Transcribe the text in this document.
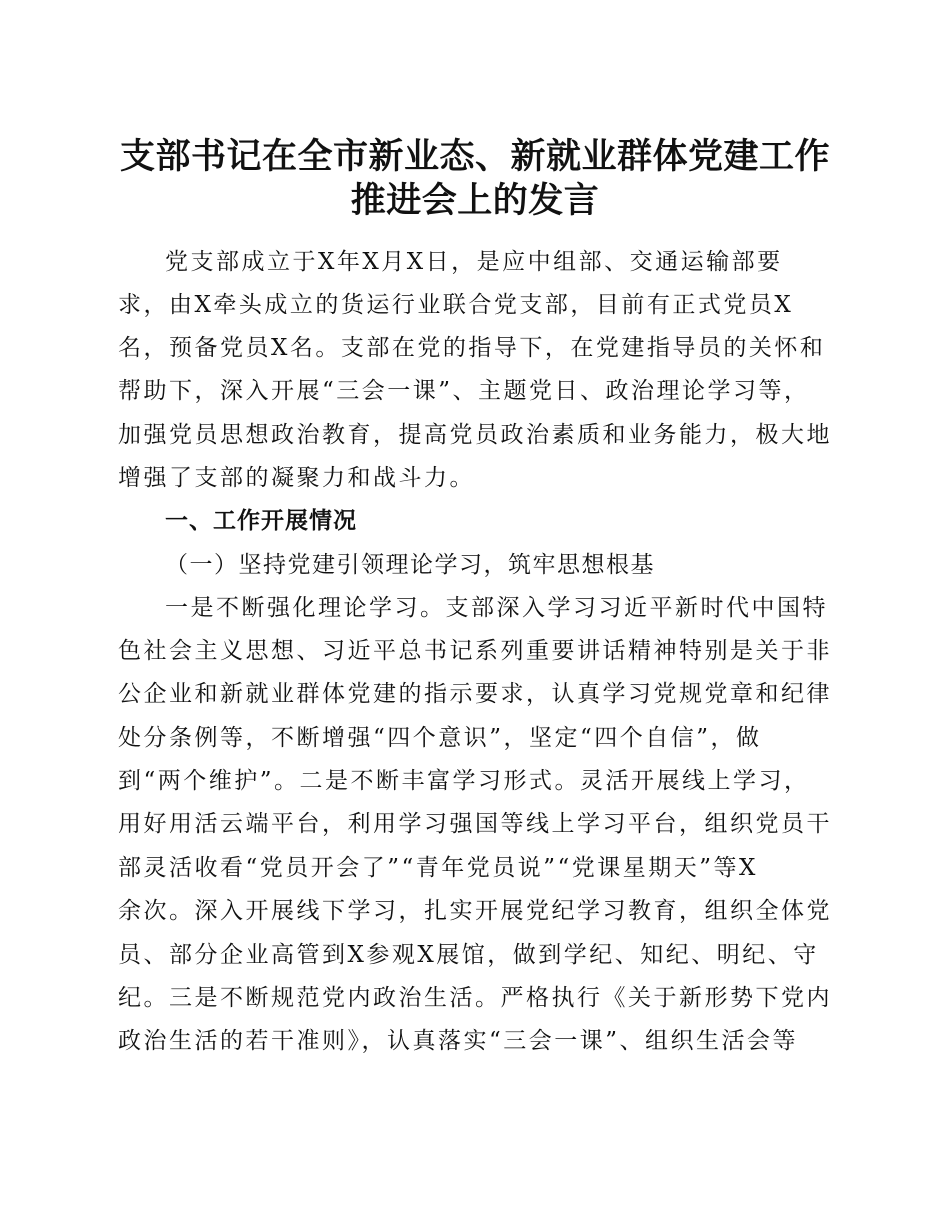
支部书记在全市新业态、新就业群体党建工作
推进会上的发言

党支部成立于X年X月X日，是应中组部、交通运输部要

求，由X牵头成立的货运行业联合党支部，目前有正式党员X

名，预备党员X名。支部在党的指导下，在党建指导员的关怀和

帮助下，深入开展“三会一课”、主题党日、政治理论学习等，

加强党员思想政治教育，提高党员政治素质和业务能力，极大地

增强了支部的凝聚力和战斗力。

一、工作开展情况

（一）坚持党建引领理论学习，筑牢思想根基

一是不断强化理论学习。支部深入学习习近平新时代中国特

色社会主义思想、习近平总书记系列重要讲话精神特别是关于非

公企业和新就业群体党建的指示要求，认真学习党规党章和纪律

处分条例等，不断增强“四个意识”，坚定“四个自信”，做

到“两个维护”。二是不断丰富学习形式。灵活开展线上学习，

用好用活云端平台，利用学习强国等线上学习平台，组织党员干

部灵活收看“党员开会了”“青年党员说”“党课星期天”等X

余次。深入开展线下学习，扎实开展党纪学习教育，组织全体党

员、部分企业高管到X参观X展馆，做到学纪、知纪、明纪、守

纪。三是不断规范党内政治生活。严格执行《关于新形势下党内

政治生活的若干准则》，认真落实“三会一课”、组织生活会等
